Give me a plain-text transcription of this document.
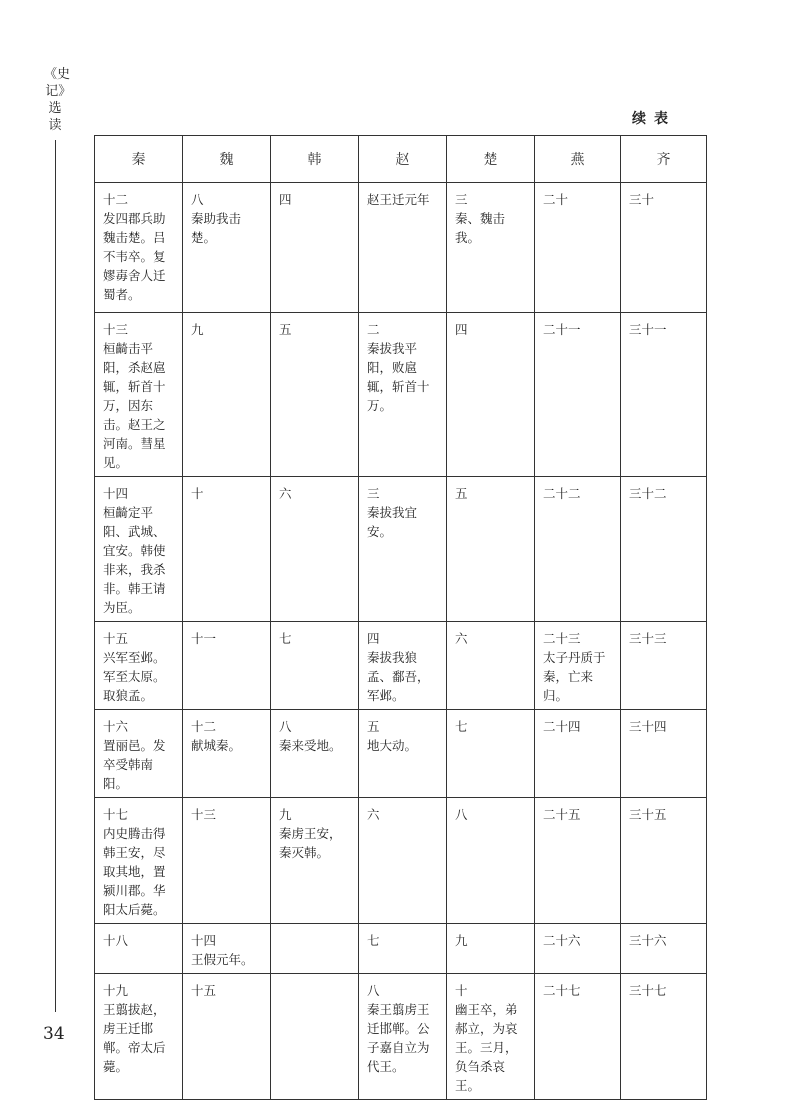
《史记》选读
34
续表
秦	魏	韩	赵	楚	燕	齐

十二
发四郡兵助魏击楚。吕不韦卒。复嫪毐舍人迁蜀者。	八
秦助我击楚。	四	赵王迁元年	三
秦、魏击我。	二十	三十

十三
桓齮击平阳，杀赵扈辄，斩首十万，因东击。赵王之河南。彗星见。	九	五	二
秦拔我平阳，败扈辄，斩首十万。	四	二十一	三十一

十四
桓齮定平阳、武城、宜安。韩使非来，我杀非。韩王请为臣。	十	六	三
秦拔我宜安。	五	二十二	三十二

十五
兴军至邺。军至太原。取狼孟。	十一	七	四
秦拔我狼孟、鄱吾，军邺。	六	二十三
太子丹质于秦，亡来归。	三十三

十六
置丽邑。发卒受韩南阳。	十二
献城秦。	八
秦来受地。	五
地大动。	七	二十四	三十四

十七
内史腾击得韩王安，尽取其地，置颍川郡。华阳太后薨。	十三	九
秦虏王安，秦灭韩。	六	八	二十五	三十五

十八	十四
王假元年。		七	九	二十六	三十六

十九
王翦拔赵，虏王迁邯郸。帝太后薨。	十五		八
秦王翦虏王迁邯郸。公子嘉自立为代王。	十
幽王卒，弟郝立，为哀王。三月，负刍杀哀王。	二十七	三十七
